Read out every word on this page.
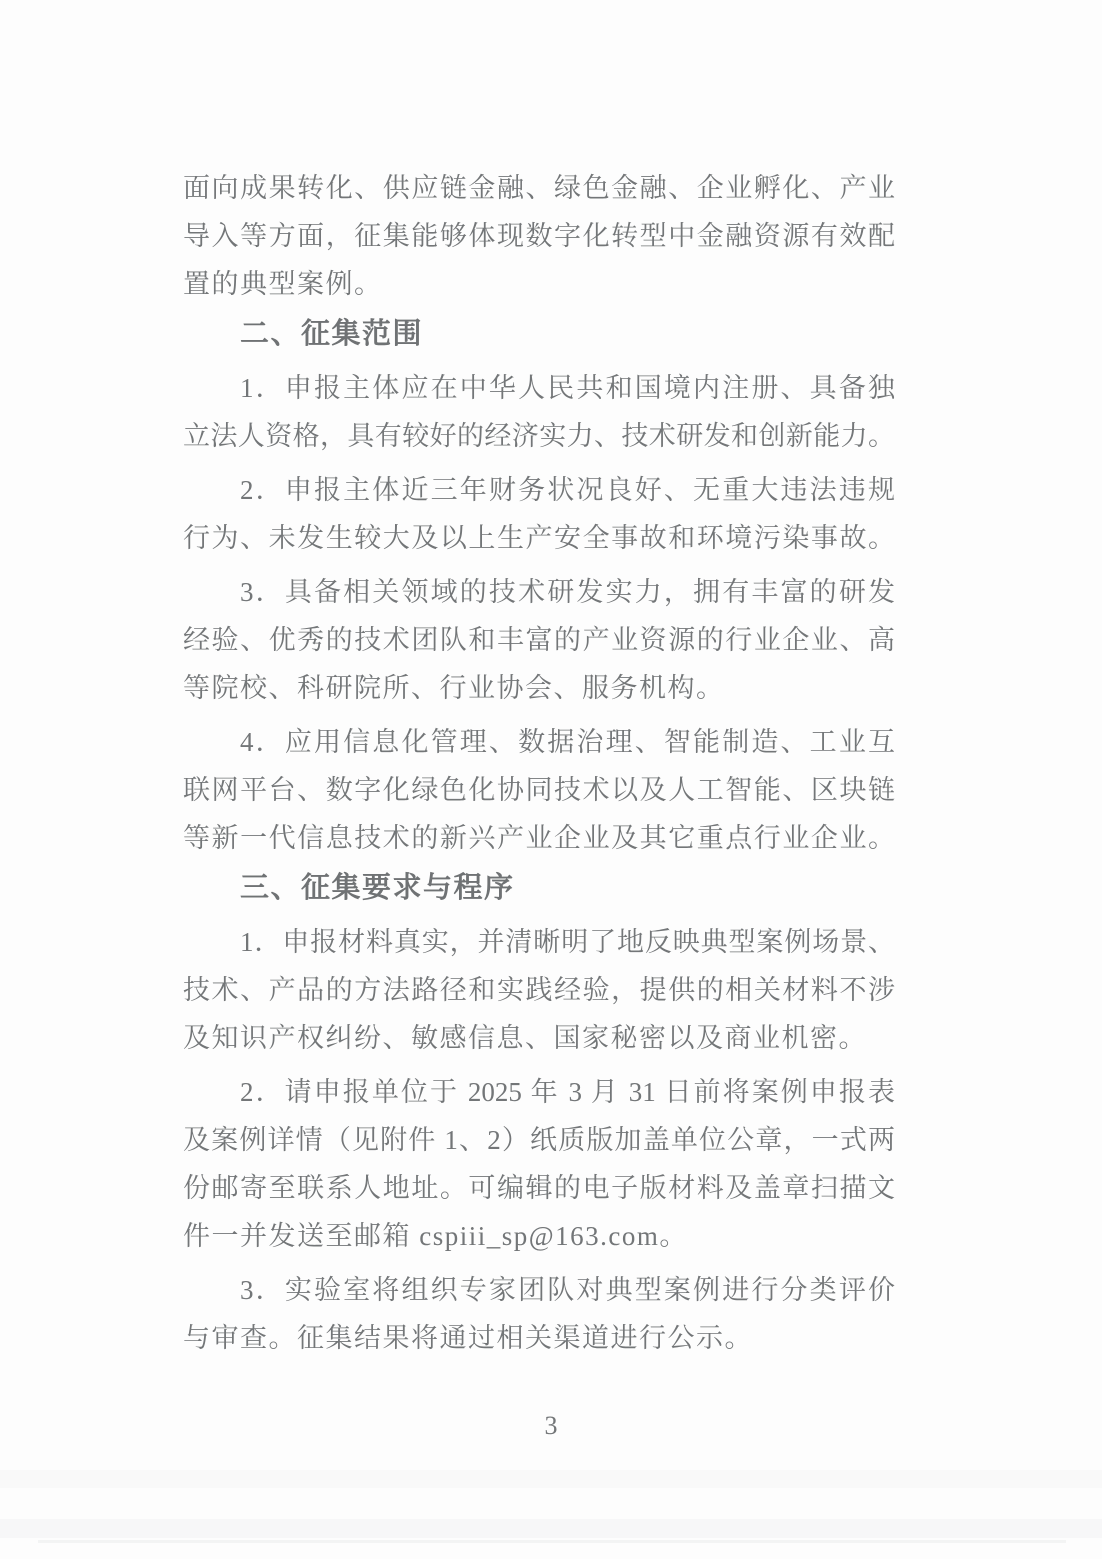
面向成果转化、供应链金融、绿色金融、企业孵化、产业
导入等方面，征集能够体现数字化转型中金融资源有效配
置的典型案例。
二、征集范围
1．申报主体应在中华人民共和国境内注册、具备独
立法人资格，具有较好的经济实力、技术研发和创新能力。
2．申报主体近三年财务状况良好、无重大违法违规
行为、未发生较大及以上生产安全事故和环境污染事故。
3．具备相关领域的技术研发实力，拥有丰富的研发
经验、优秀的技术团队和丰富的产业资源的行业企业、高
等院校、科研院所、行业协会、服务机构。
4．应用信息化管理、数据治理、智能制造、工业互
联网平台、数字化绿色化协同技术以及人工智能、区块链
等新一代信息技术的新兴产业企业及其它重点行业企业。
三、征集要求与程序
1．申报材料真实，并清晰明了地反映典型案例场景、
技术、产品的方法路径和实践经验，提供的相关材料不涉
及知识产权纠纷、敏感信息、国家秘密以及商业机密。
2．请申报单位于 2025 年 3 月 31 日前将案例申报表
及案例详情（见附件 1、2）纸质版加盖单位公章，一式两
份邮寄至联系人地址。可编辑的电子版材料及盖章扫描文
件一并发送至邮箱 cspiii_sp@163.com。
3．实验室将组织专家团队对典型案例进行分类评价
与审查。征集结果将通过相关渠道进行公示。
3
